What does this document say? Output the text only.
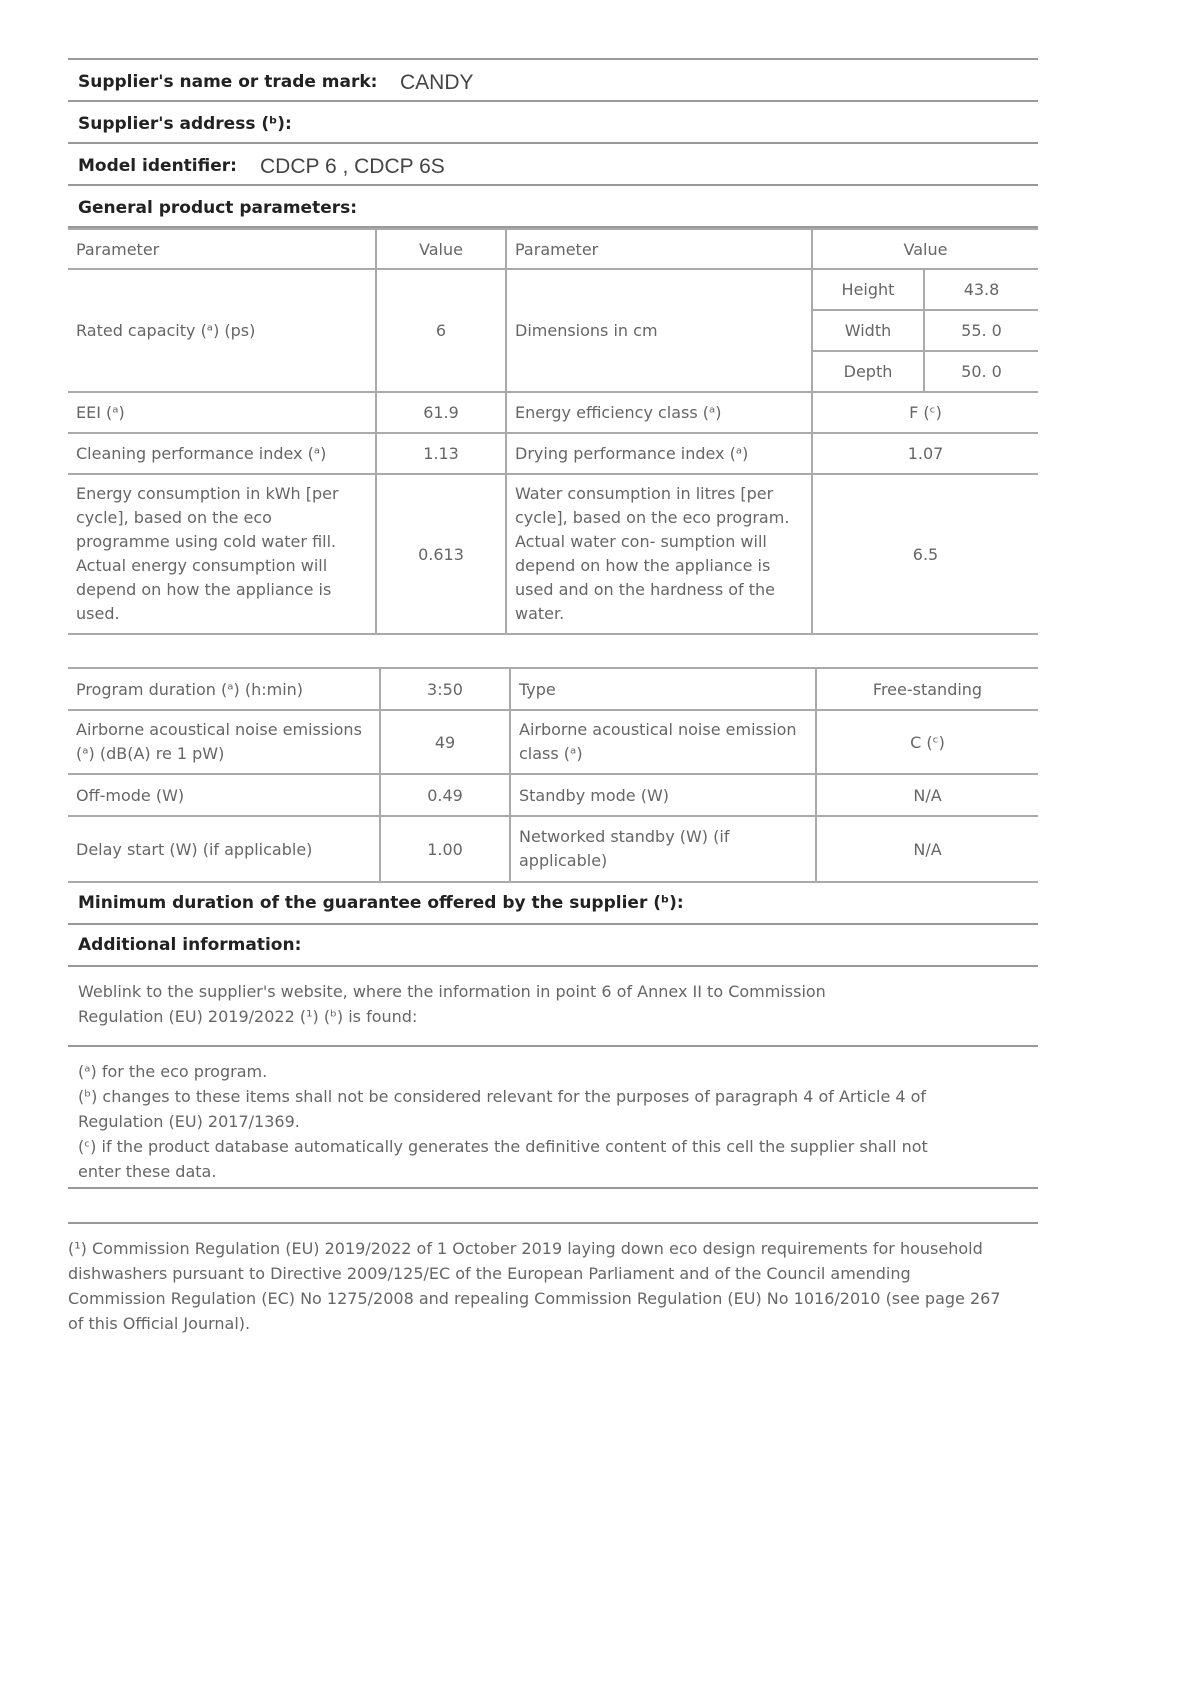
Supplier's name or trade mark: CANDY
Supplier's address (ᵇ):
Model identifier: CDCP 6 , CDCP 6S
General product parameters:
Parameter	Value	Parameter	Value	
Rated capacity (ᵃ) (ps)	6	Dimensions in cm	Height	43.8
			Width	55. 0
			Depth	50. 0
EEI (ᵃ)	61.9	Energy efficiency class (ᵃ)	F (ᶜ)	
Cleaning performance index (ᵃ)	1.13	Drying performance index (ᵃ)	1.07	
Energy consumption in kWh [per cycle], based on the eco programme using cold water fill. Actual energy consumption will depend on how the appliance is used.	0.613	Water consumption in litres [per cycle], based on the eco program. Actual water con- sumption will depend on how the appliance is used and on the hardness of the water.	6.5	
Program duration (ᵃ) (h:min)	3:50	Type	Free-standing
Airborne acoustical noise emissions (ᵃ) (dB(A) re 1 pW)	49	Airborne acoustical noise emission class (ᵃ)	C (ᶜ)
Off-mode (W)	0.49	Standby mode (W)	N/A
Delay start (W) (if applicable)	1.00	Networked standby (W) (if applicable)	N/A
Minimum duration of the guarantee offered by the supplier (ᵇ):
Additional information:
Weblink to the supplier's website, where the information in point 6 of Annex II to Commission Regulation (EU) 2019/2022 (¹) (ᵇ) is found:
(ᵃ) for the eco program.
(ᵇ) changes to these items shall not be considered relevant for the purposes of paragraph 4 of Article 4 of Regulation (EU) 2017/1369.
(ᶜ) if the product database automatically generates the definitive content of this cell the supplier shall not enter these data.
(¹) Commission Regulation (EU) 2019/2022 of 1 October 2019 laying down eco design requirements for household dishwashers pursuant to Directive 2009/125/EC of the European Parliament and of the Council amending Commission Regulation (EC) No 1275/2008 and repealing Commission Regulation (EU) No 1016/2010 (see page 267 of this Official Journal).
